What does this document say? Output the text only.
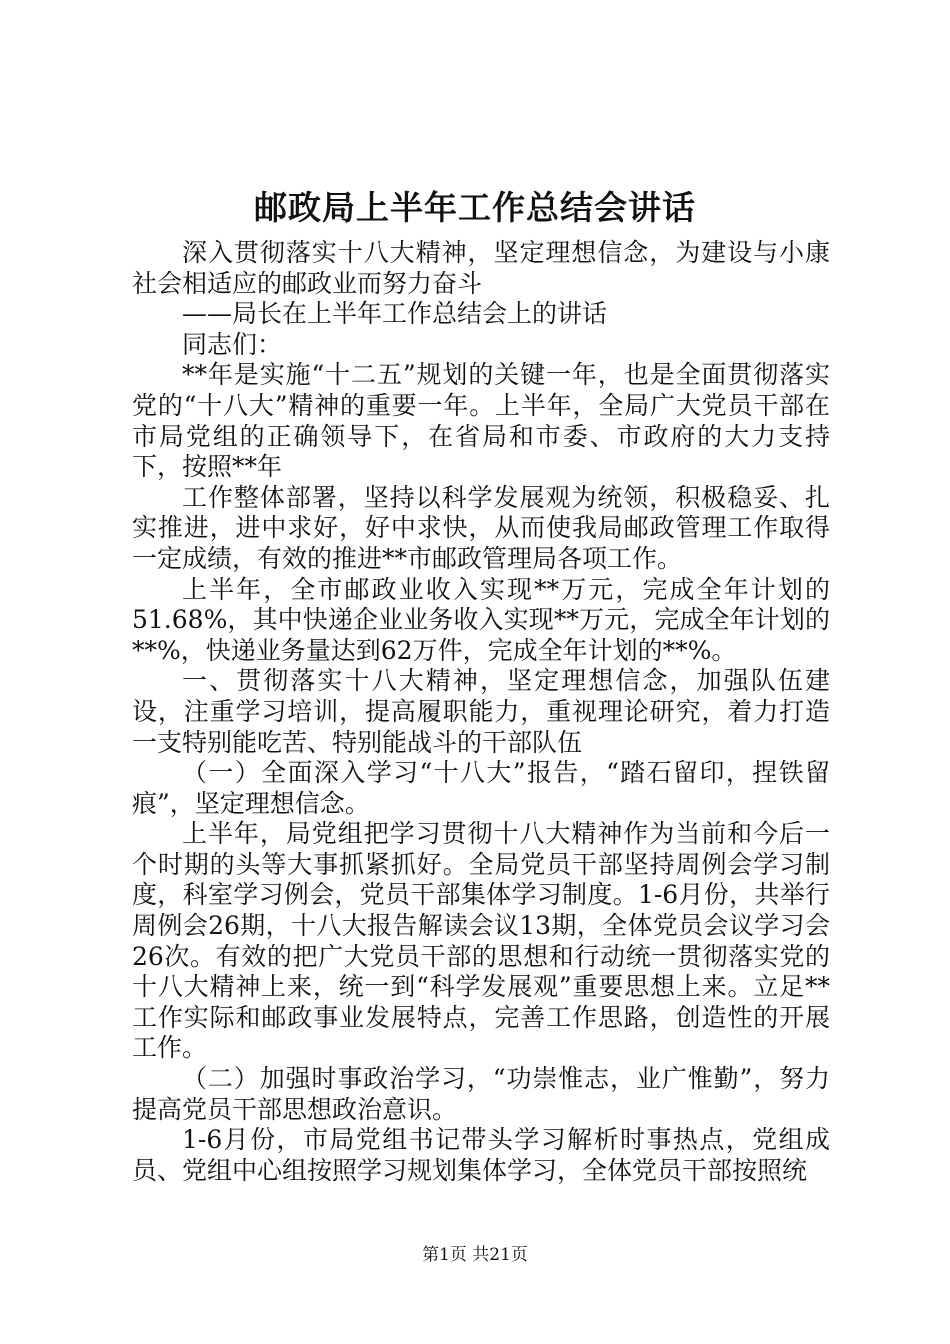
邮政局上半年工作总结会讲话

深入贯彻落实十八大精神，坚定理想信念，为建设与小康社会相适应的邮政业而努力奋斗

——局长在上半年工作总结会上的讲话

同志们：

**年是实施“十二五”规划的关键一年，也是全面贯彻落实党的“十八大”精神的重要一年。上半年，全局广大党员干部在市局党组的正确领导下，在省局和市委、市政府的大力支持下，按照**年

工作整体部署，坚持以科学发展观为统领，积极稳妥、扎实推进，进中求好，好中求快，从而使我局邮政管理工作取得一定成绩，有效的推进**市邮政管理局各项工作。

上半年，全市邮政业收入实现**万元，完成全年计划的51.68%，其中快递企业业务收入实现**万元，完成全年计划的**%，快递业务量达到62万件，完成全年计划的**%。

一、贯彻落实十八大精神，坚定理想信念，加强队伍建设，注重学习培训，提高履职能力，重视理论研究，着力打造一支特别能吃苦、特别能战斗的干部队伍

（一）全面深入学习“十八大”报告，“踏石留印，捏铁留痕”，坚定理想信念。

上半年，局党组把学习贯彻十八大精神作为当前和今后一个时期的头等大事抓紧抓好。全局党员干部坚持周例会学习制度，科室学习例会，党员干部集体学习制度。1-6月份，共举行周例会26期，十八大报告解读会议13期，全体党员会议学习会26次。有效的把广大党员干部的思想和行动统一贯彻落实党的十八大精神上来，统一到“科学发展观”重要思想上来。立足**工作实际和邮政事业发展特点，完善工作思路，创造性的开展工作。

（二）加强时事政治学习，“功崇惟志，业广惟勤”，努力提高党员干部思想政治意识。

1-6月份，市局党组书记带头学习解析时事热点，党组成员、党组中心组按照学习规划集体学习，全体党员干部按照统

第1页 共21页
